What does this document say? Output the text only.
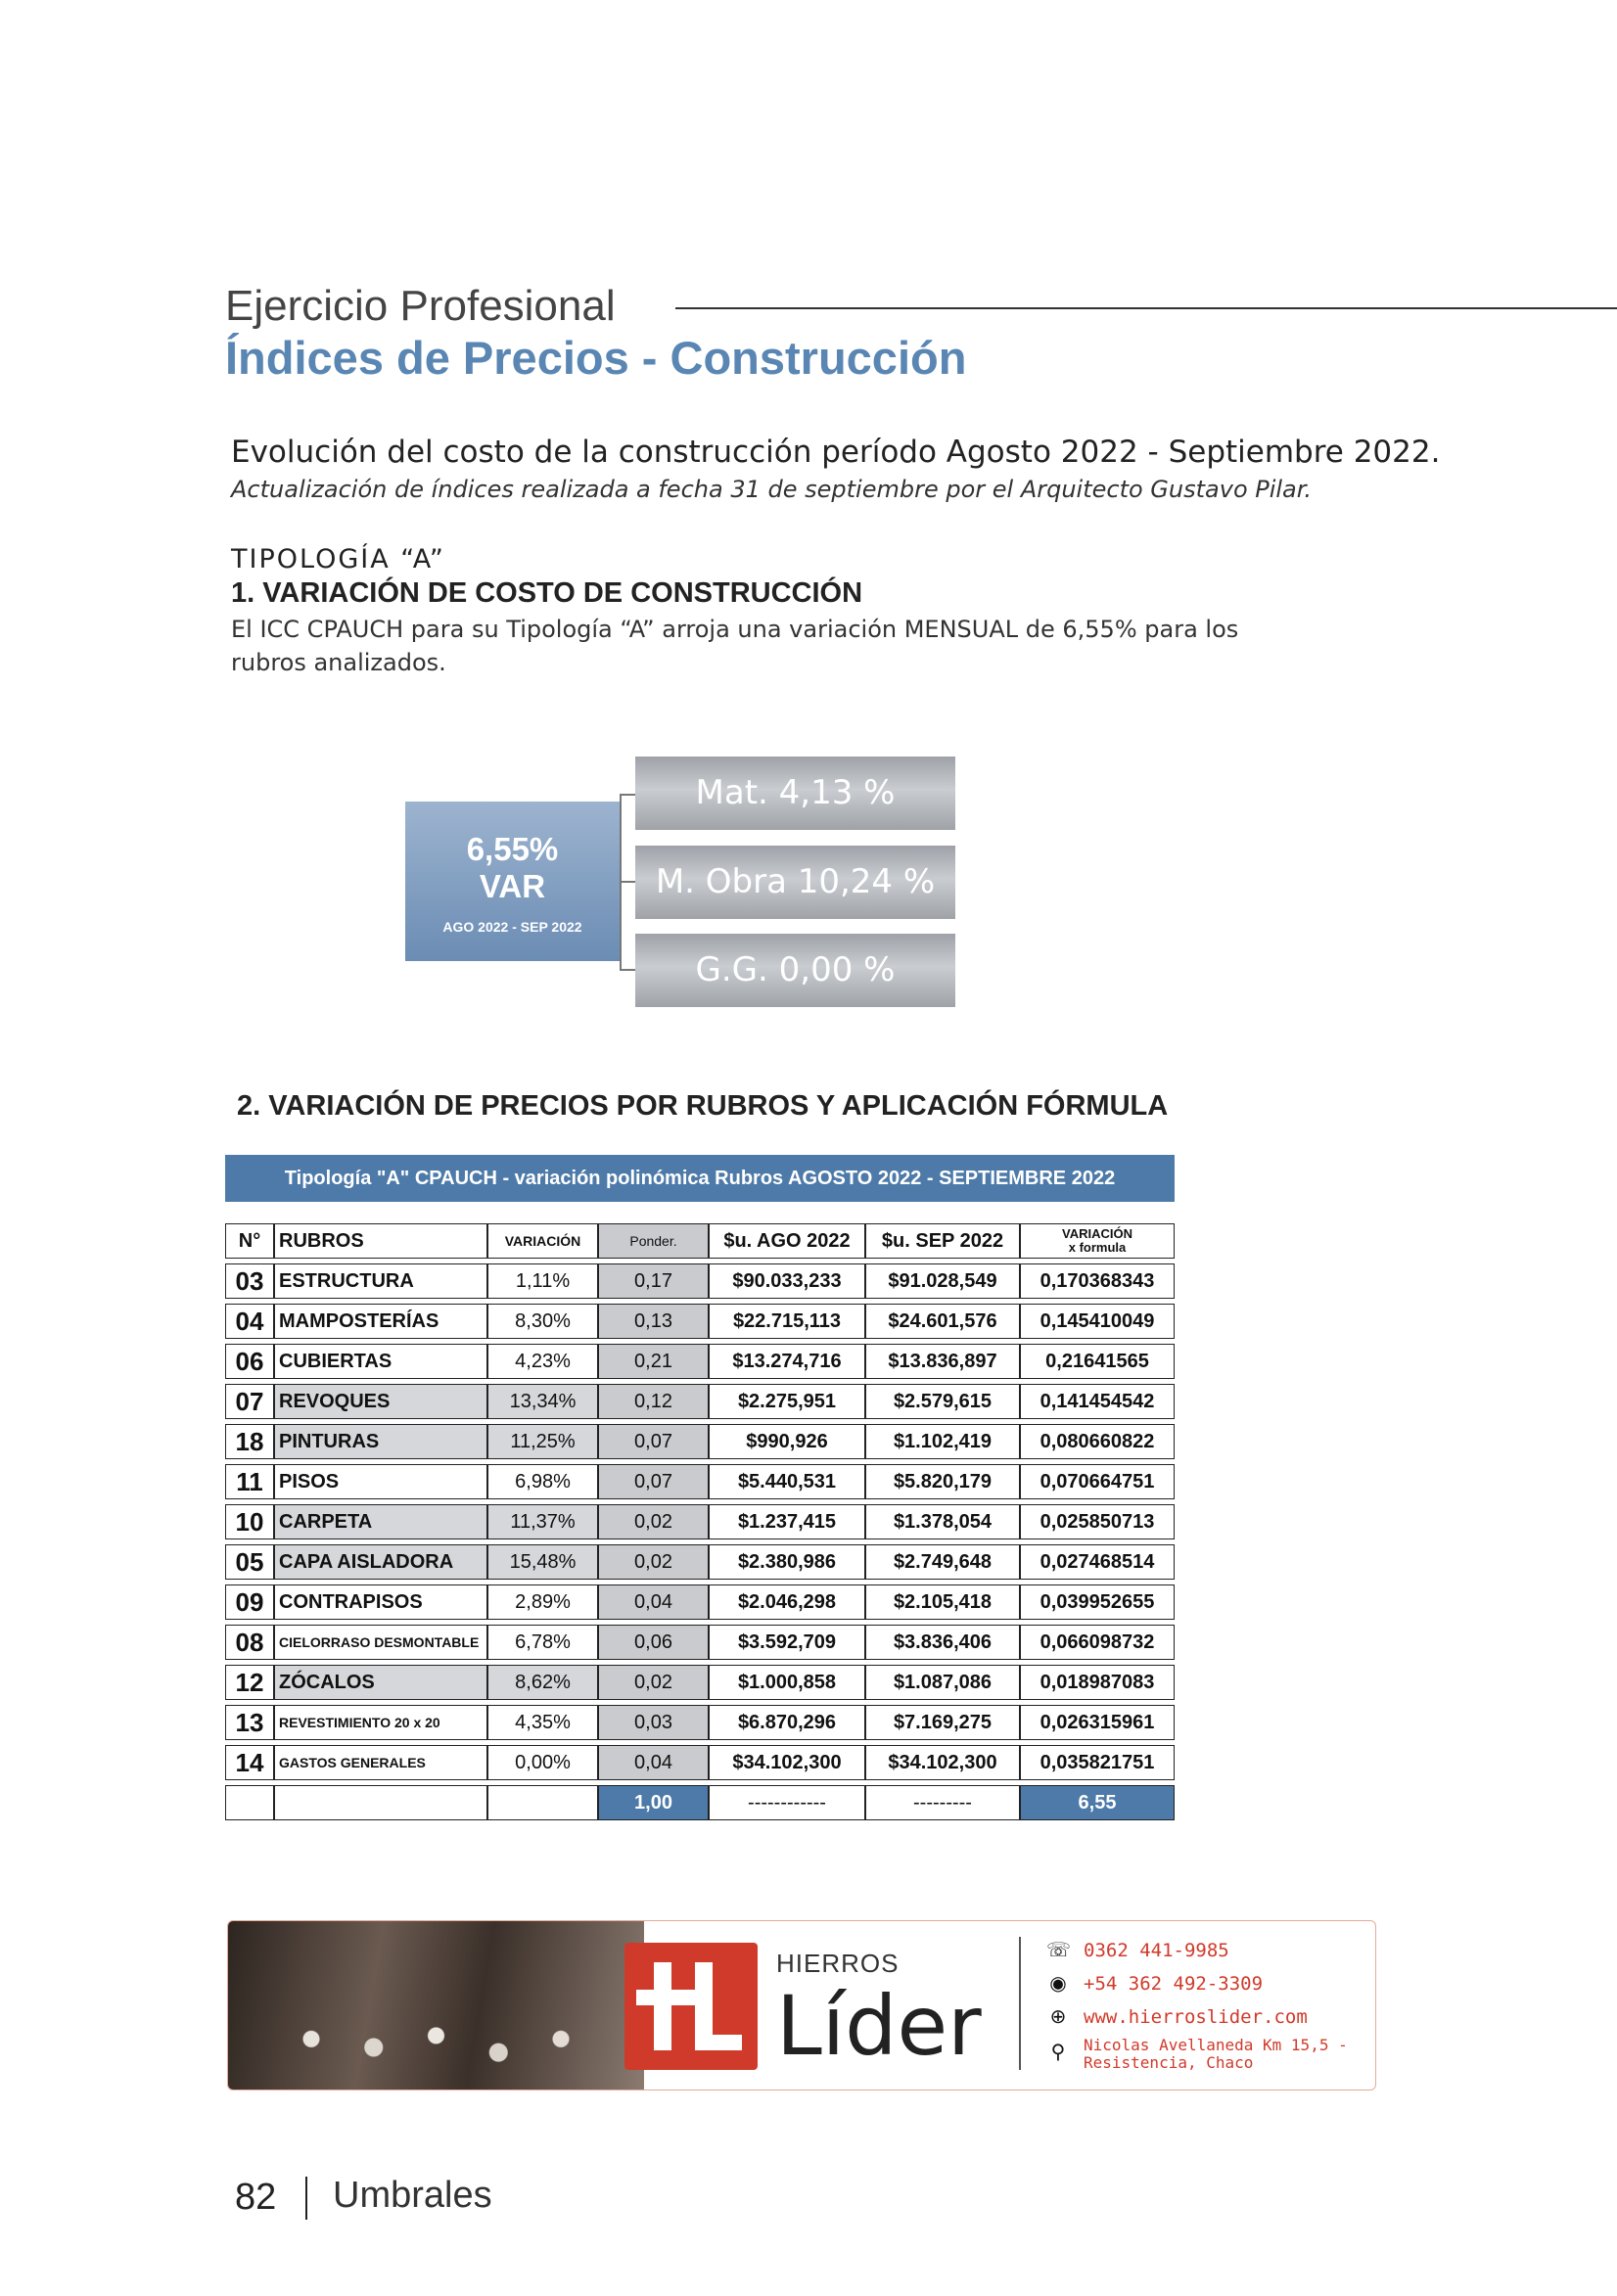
Ejercicio Profesional
Índices de Precios - Construcción
Evolución del costo de la construcción período Agosto 2022 - Septiembre 2022.
Actualización de índices realizada a fecha 31 de septiembre por el Arquitecto Gustavo Pilar.
TIPOLOGÍA “A”
1. VARIACIÓN DE COSTO DE CONSTRUCCIÓN
El ICC CPAUCH para su Tipología “A” arroja una variación MENSUAL de 6,55% para los rubros analizados.
6,55%
VAR
AGO 2022 - SEP 2022
Mat. 4,13 %
M. Obra 10,24 %
G.G. 0,00 %
2. VARIACIÓN DE PRECIOS POR RUBROS Y APLICACIÓN FÓRMULA
Tipología "A" CPAUCH - variación polinómica Rubros AGOSTO 2022 - SEPTIEMBRE 2022
N°	RUBROS	VARIACIÓN	Ponder.	$u. AGO 2022	$u. SEP 2022	VARIACIÓN
x formula
03	ESTRUCTURA	1,11%	0,17	$90.033,233	$91.028,549	0,170368343
04	MAMPOSTERÍAS	8,30%	0,13	$22.715,113	$24.601,576	0,145410049
06	CUBIERTAS	4,23%	0,21	$13.274,716	$13.836,897	0,21641565
07	REVOQUES	13,34%	0,12	$2.275,951	$2.579,615	0,141454542
18	PINTURAS	11,25%	0,07	$990,926	$1.102,419	0,080660822
11	PISOS	6,98%	0,07	$5.440,531	$5.820,179	0,070664751
10	CARPETA	11,37%	0,02	$1.237,415	$1.378,054	0,025850713
05	CAPA AISLADORA	15,48%	0,02	$2.380,986	$2.749,648	0,027468514
09	CONTRAPISOS	2,89%	0,04	$2.046,298	$2.105,418	0,039952655
08	CIELORRASO DESMONTABLE	6,78%	0,06	$3.592,709	$3.836,406	0,066098732
12	ZÓCALOS	8,62%	0,02	$1.000,858	$1.087,086	0,018987083
13	REVESTIMIENTO 20 x 20	4,35%	0,03	$6.870,296	$7.169,275	0,026315961
14	GASTOS GENERALES	0,00%	0,04	$34.102,300	$34.102,300	0,035821751
			1,00	------------	---------	6,55
HIERROS
Líder
☏ 0362 441-9985
◉ +54 362 492-3309
⊕ www.hierroslider.com
⚲ Nicolas Avellaneda Km 15,5 -
Resistencia, Chaco
82 Umbrales
